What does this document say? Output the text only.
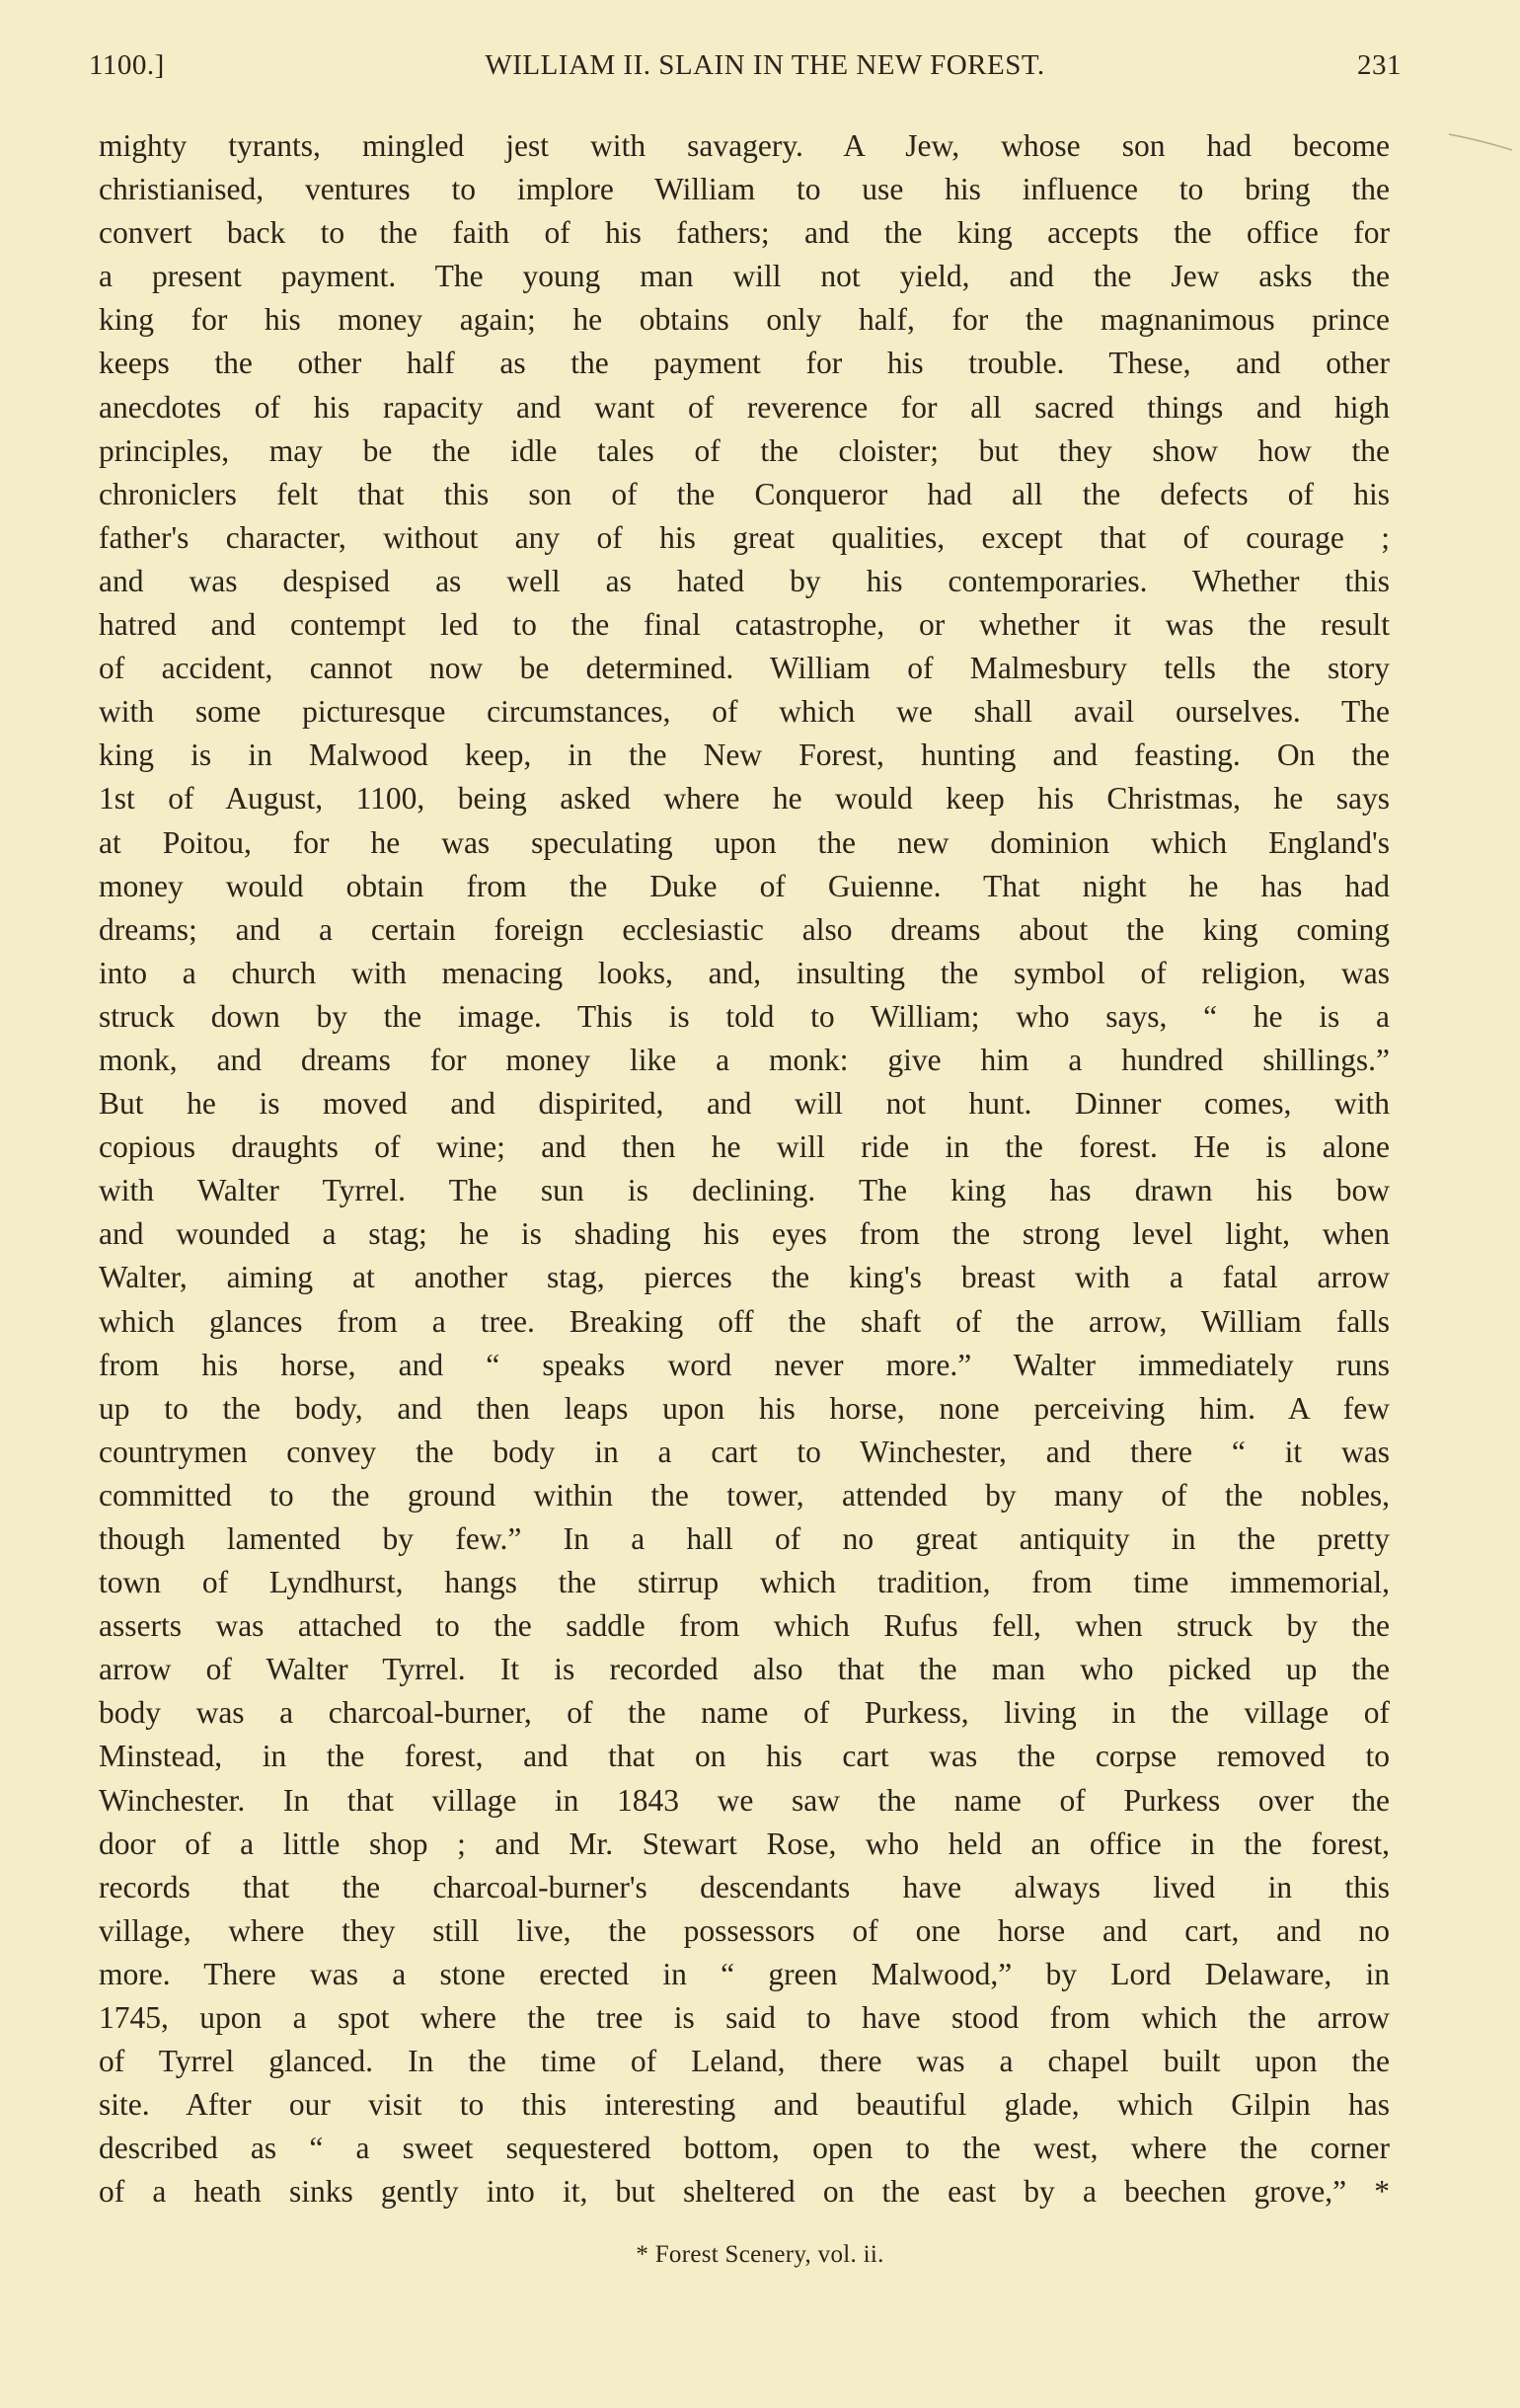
1100.]	WILLIAM II. SLAIN IN THE NEW FOREST.	231
mighty tyrants, mingled jest with savagery. A Jew, whose son had become
christianised, ventures to implore William to use his influence to bring the
convert back to the faith of his fathers; and the king accepts the office for
a present payment. The young man will not yield, and the Jew asks the
king for his money again; he obtains only half, for the magnanimous prince
keeps the other half as the payment for his trouble. These, and other
anecdotes of his rapacity and want of reverence for all sacred things and high
principles, may be the idle tales of the cloister; but they show how the
chroniclers felt that this son of the Conqueror had all the defects of his
father's character, without any of his great qualities, except that of courage ;
and was despised as well as hated by his contemporaries. Whether this
hatred and contempt led to the final catastrophe, or whether it was the result
of accident, cannot now be determined. William of Malmesbury tells the story
with some picturesque circumstances, of which we shall avail ourselves. The
king is in Malwood keep, in the New Forest, hunting and feasting. On the
1st of August, 1100, being asked where he would keep his Christmas, he says
at Poitou, for he was speculating upon the new dominion which England's
money would obtain from the Duke of Guienne. That night he has had
dreams; and a certain foreign ecclesiastic also dreams about the king coming
into a church with menacing looks, and, insulting the symbol of religion, was
struck down by the image. This is told to William; who says, “ he is a
monk, and dreams for money like a monk: give him a hundred shillings.”
But he is moved and dispirited, and will not hunt. Dinner comes, with
copious draughts of wine; and then he will ride in the forest. He is alone
with Walter Tyrrel. The sun is declining. The king has drawn his bow
and wounded a stag; he is shading his eyes from the strong level light, when
Walter, aiming at another stag, pierces the king's breast with a fatal arrow
which glances from a tree. Breaking off the shaft of the arrow, William falls
from his horse, and “ speaks word never more.” Walter immediately runs
up to the body, and then leaps upon his horse, none perceiving him. A few
countrymen convey the body in a cart to Winchester, and there “ it was
committed to the ground within the tower, attended by many of the nobles,
though lamented by few.” In a hall of no great antiquity in the pretty
town of Lyndhurst, hangs the stirrup which tradition, from time immemorial,
asserts was attached to the saddle from which Rufus fell, when struck by the
arrow of Walter Tyrrel. It is recorded also that the man who picked up the
body was a charcoal-burner, of the name of Purkess, living in the village of
Minstead, in the forest, and that on his cart was the corpse removed to
Winchester. In that village in 1843 we saw the name of Purkess over the
door of a little shop ; and Mr. Stewart Rose, who held an office in the forest,
records that the charcoal-burner's descendants have always lived in this
village, where they still live, the possessors of one horse and cart, and no
more. There was a stone erected in “ green Malwood,” by Lord Delaware, in
1745, upon a spot where the tree is said to have stood from which the arrow
of Tyrrel glanced. In the time of Leland, there was a chapel built upon the
site. After our visit to this interesting and beautiful glade, which Gilpin has
described as “ a sweet sequestered bottom, open to the west, where the corner
of a heath sinks gently into it, but sheltered on the east by a beechen grove,” *
* Forest Scenery, vol. ii.
